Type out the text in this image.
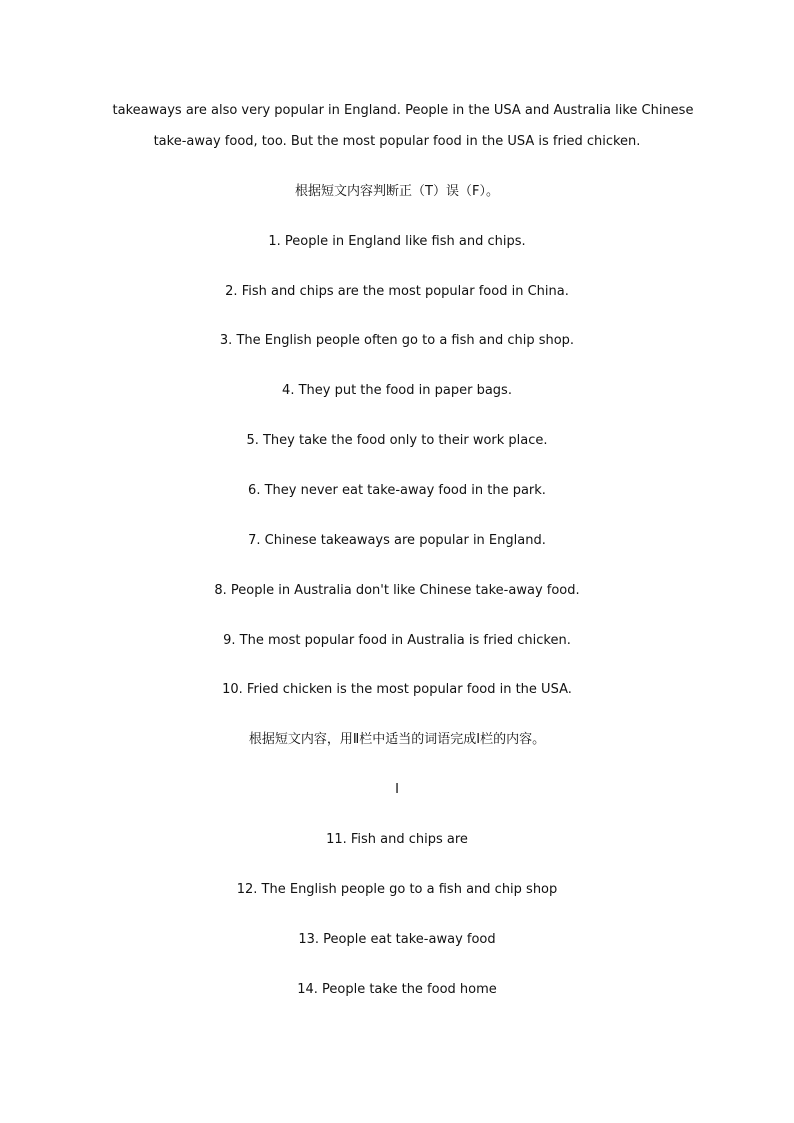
takeaways are also very popular in England. People in the USA and Australia like Chinese
take-away food, too. But the most popular food in the USA is fried chicken.
根据短文内容判断正（T）误（F）。
1. People in England like fish and chips.
2. Fish and chips are the most popular food in China.
3. The English people often go to a fish and chip shop.
4. They put the food in paper bags.
5. They take the food only to their work place.
6. They never eat take-away food in the park.
7. Chinese takeaways are popular in England.
8. People in Australia don't like Chinese take-away food.
9. The most popular food in Australia is fried chicken.
10. Fried chicken is the most popular food in the USA.
根据短文内容，用Ⅱ栏中适当的词语完成Ⅰ栏的内容。
Ⅰ
11. Fish and chips are
12. The English people go to a fish and chip shop
13. People eat take-away food
14. People take the food home
